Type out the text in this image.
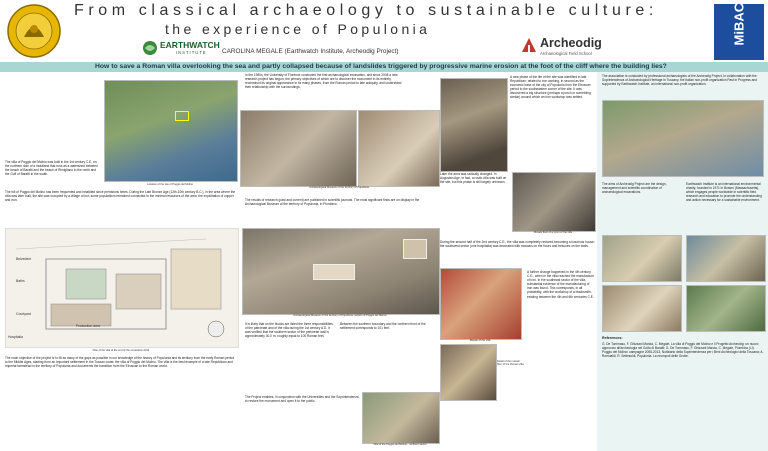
From classical archaeology to sustainable culture:
the experience of Populonia
CAROLINA MEGALE (Earthwatch Institute, Archeodig Project)
EARTHWATCH
INSTITUTE
Archeodig
Archaeological Field School
MiBAC
How to save a Roman villa overlooking the sea and partly collapsed because of landslides triggered by progressive marine erosion at the foot of the cliff where the building lies?
Location of the site of Poggio del Molino

The villa of Poggio del Molino was built in the 1st century C.E. on the northern side of a headland that runs as a watershed between the beach of Baratti and the beach of Rimigliano in the north and the Gulf of Baratti in the south.

The hill of Poggio del Molino has been frequented and inhabited since prehistoric times. During the Late Bronze Age (12th-10th century B.C.), in the area where the villa was later built, the site was occupied by a village of hut; some populations remained connected to the mineral resources of the area, the exploitation of copper and iron.

Belvedere
Baths
Courtyard
Production area
Hospitalia
Plan of the villa at the end of the excavation 2014

The main objective of the project is to fill as many of the gaps as possible in our knowledge of the history of Populonia and its territory from the early Roman period to the Middle Ages, starting from an important settlement in the Tuscan coast: the villa of Poggio del Molino. The villa is the best example of a late Republican and Imperial farmstead in the territory of Populonia and documents the transition from the Etruscan to the Roman world.

In the 1980s, the University of Florence conducted the first archaeological excavation, and since 2008 a new research project has begun; the primary objectives of which are to discover the monument in its entirety, reconstruct its original appearance in its many phases, from the Roman period to late antiquity, and understand their relationship with the surroundings.

Archaeological Museum of the territory of Populonia

The results of research (past and current) are published in scientific journals. The most significant finds are on display in the Archaeological Museum of the territory of Populonia, in Piombino.

Archaeological Museum of the territory of Populonia, section of Poggio del Molino

It is likely that on the blocks are listed the three responsibilities of the patronate and of the villa during the 1st century A.D. It was verified that the southern sector of the perimeter wall is approximately 30.0 m, roughly equal to 100 Roman feet.

Between the southern boundary and the northern front of the settlement corresponds to 101 feet.

The Project enables, in conjunction with the Universities and the Soprintendenza, to restore the monument and open it to the public.

Villa of the Poggio del Molino - northern sector

A new phase of the life of the site was identified in late Republican; related to iron working, in second as the economic base of the city of Populonia from the Etruscan period to the southeastern corner of the site. It was discovered a big structure (perhaps a porch or something similar) around which an iron workshop was settled.

Later the area was radically changed. In Augustan Age, in fact, a rustic villa was built on the site, but this phase is still largely unknown.

Mosaic floor of a room of the villa

During the second half of the 2nd century C.E., the villa was completely restored becoming a luxurious house: the southwest sector (one hospitalia) was decorated with mosaics on the floors and frescoes on the walls.

Detail of the mosaic floor of the Roman villa
Mosaic of the villa

A further change happened in the 4th century C.E., when in the villa reached the manufacture of iron. In the southeast sector of the villa, substantial evidence of the manufacturing of iron was found. This corresponds, in all probability, with the workshop of a blacksmith, existing between the 4th and 6th centuries C.E.

The association is conducted by professional archaeologists of the Archeodig Project, in collaboration with the Soprintendenza of Archaeological Heritage in Tuscany, the Italian non-profit organization Past in Progress and supported by Earthwatch Institute, an international non-profit organization.

The aims of Archeodig Project are the design, management and scientific coordination of archaeological excavations.

Earthwatch Institute is an international environmental charity, founded in 1971 in Boston (Massachusetts), which engages people worldwide in scientific field research and education to promote the understanding and action necessary for a sustainable environment.

References:

G. De Tommaso, F. Ghizzani Marcia, C. Megale, La villa di Poggio del Molino e il Progetto Archeodig: un nuovo approccio all'archeologia nel Golfo di Baratti; G. De Tommaso, F. Ghizzani Marcia, C. Megale, Piombino (LI). Poggio del Molino: campagne 2008-2013, Notiziario della Soprintendenza per i Beni Archeologici della Toscana; A. Romualdi, R. Settesoldi, Populonia. La necropoli delle Grotte.
